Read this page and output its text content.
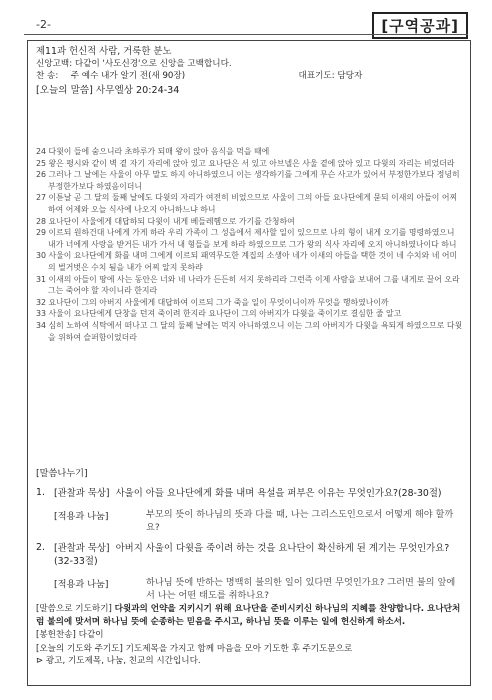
-2-	[구역공과]
제11과 헌신적 사람, 거룩한 분노
신앙고백: 다같이 '사도신경'으로 신앙을 고백합니다.
찬 송: 주 예수 내가 알기 전(새 90장)	대표기도: 담당자
[오늘의 말씀] 사무엘상 20:24-34
24 다윗이 들에 숨으니라 초하루가 되매 왕이 앉아 음식을 먹을 때에
25 왕은 평시와 같이 벽 곁 자기 자리에 앉아 있고 요나단은 서 있고 아브넬은 사울 곁에 앉아 있고 다윗의 자리는 비었더라
26 그러나 그 날에는 사울이 아무 말도 하지 아니하였으니 이는 생각하기를 그에게 무슨 사고가 있어서 부정한가보다 정녕히 부정한가보다 하였음이더니
27 이튿날 곧 그 달의 둘째 날에도 다윗의 자리가 여전히 비었으므로 사울이 그의 아들 요나단에게 묻되 이새의 아들이 어찌하여 어제와 오늘 식사에 나오지 아니하느냐 하니
28 요나단이 사울에게 대답하되 다윗이 내게 베들레헴으로 가기를 간청하여
29 이르되 원하건대 나에게 가게 하라 우리 가족이 그 성읍에서 제사할 일이 있으므로 나의 형이 내게 오기를 명령하였으니 내가 너에게 사랑을 받거든 내가 가서 내 형들을 보게 하라 하였으므로 그가 왕의 식사 자리에 오지 아니하였나이다 하니
30 사울이 요나단에게 화를 내며 그에게 이르되 패역무도한 계집의 소생아 네가 이새의 아들을 택한 것이 네 수치와 네 어미의 벌거벗은 수치 됨을 내가 어찌 알지 못하랴
31 이새의 아들이 땅에 사는 동안은 너와 네 나라가 든든히 서지 못하리라 그런즉 이제 사람을 보내어 그를 내게로 끌어 오라 그는 죽어야 할 자이니라 한지라
32 요나단이 그의 아버지 사울에게 대답하여 이르되 그가 죽을 일이 무엇이니이까 무엇을 행하였나이까
33 사울이 요나단에게 단창을 던져 죽이려 한지라 요나단이 그의 아버지가 다윗을 죽이기로 결심한 줄 알고
34 심히 노하여 식탁에서 떠나고 그 달의 둘째 날에는 먹지 아니하였으니 이는 그의 아버지가 다윗을 욕되게 하였으므로 다윗을 위하여 슬퍼함이었더라
[말씀나누기]
1. [관찰과 묵상] 사울이 아들 요나단에게 화를 내며 욕설을 퍼부은 이유는 무엇인가요?(28-30절)
[적용과 나눔]	부모의 뜻이 하나님의 뜻과 다를 때, 나는 그리스도인으로서 어떻게 해야 할까요?
2. [관찰과 묵상] 아버지 사울이 다윗을 죽이려 하는 것을 요나단이 확신하게 된 계기는 무엇인가요?(32-33절)
[적용과 나눔]	하나님 뜻에 반하는 명백히 불의한 일이 있다면 무엇인가요? 그러면 불의 앞에서 나는 어떤 태도를 취하나요?
[말씀으로 기도하기] 다윗과의 언약을 지키시기 위해 요나단을 준비시키신 하나님의 지혜를 찬양합니다. 요나단처럼 불의에 맞서며 하나님 뜻에 순종하는 믿음을 주시고, 하나님 뜻을 이루는 일에 헌신하게 하소서.
[봉헌찬송] 다같이
[오늘의 기도와 주기도] 기도제목을 가지고 함께 마음을 모아 기도한 후 주기도문으로
⊳ 광고, 기도제목, 나눔, 친교의 시간입니다.
